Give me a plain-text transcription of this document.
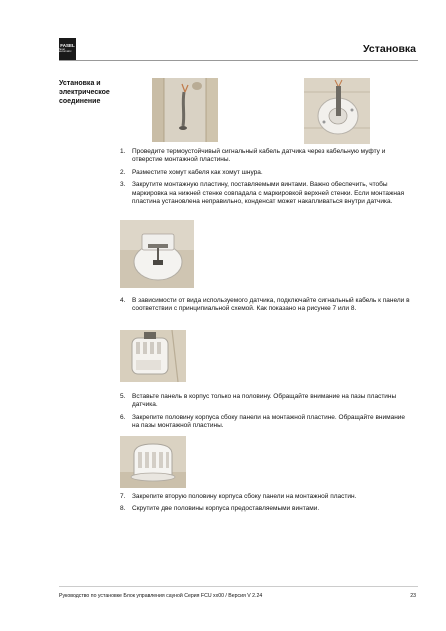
FASEL
fasel automatic	Установка
Установка и электрическое соединение
1. Проведите термоустойчивый сигнальный кабель датчика через кабельную муфту и отверстие монтажной пластины.
2. Разместите хомут кабеля как хомут шнура.
3. Закрутите монтажную пластину, поставляемыми винтами. Важно обеспечить, чтобы маркировка на нижней стенке совпадала с маркировкой верхней стенки. Если монтажная пластина установлена неправильно, конденсат может накапливаться внутри датчика.
4. В зависимости от вида используемого датчика, подключайте сигнальный кабель к панели в соответствии с принципиальной схемой. Как показано на рисунке 7 или 8.
5. Вставьте панель в корпус только на половину. Обращайте внимание на пазы пластины датчика.
6. Закрепите половину корпуса сбоку панели на монтажной пластине. Обращайте внимание на пазы монтажной пластины.
7. Закрепите вторую половину корпуса сбоку панели на монтажной пластин.
8. Скрутите две половины корпуса предоставляемыми винтами.
Руководство по установке Блок управления сауной Серия FCU xx00 / Версия V 2.24	23
